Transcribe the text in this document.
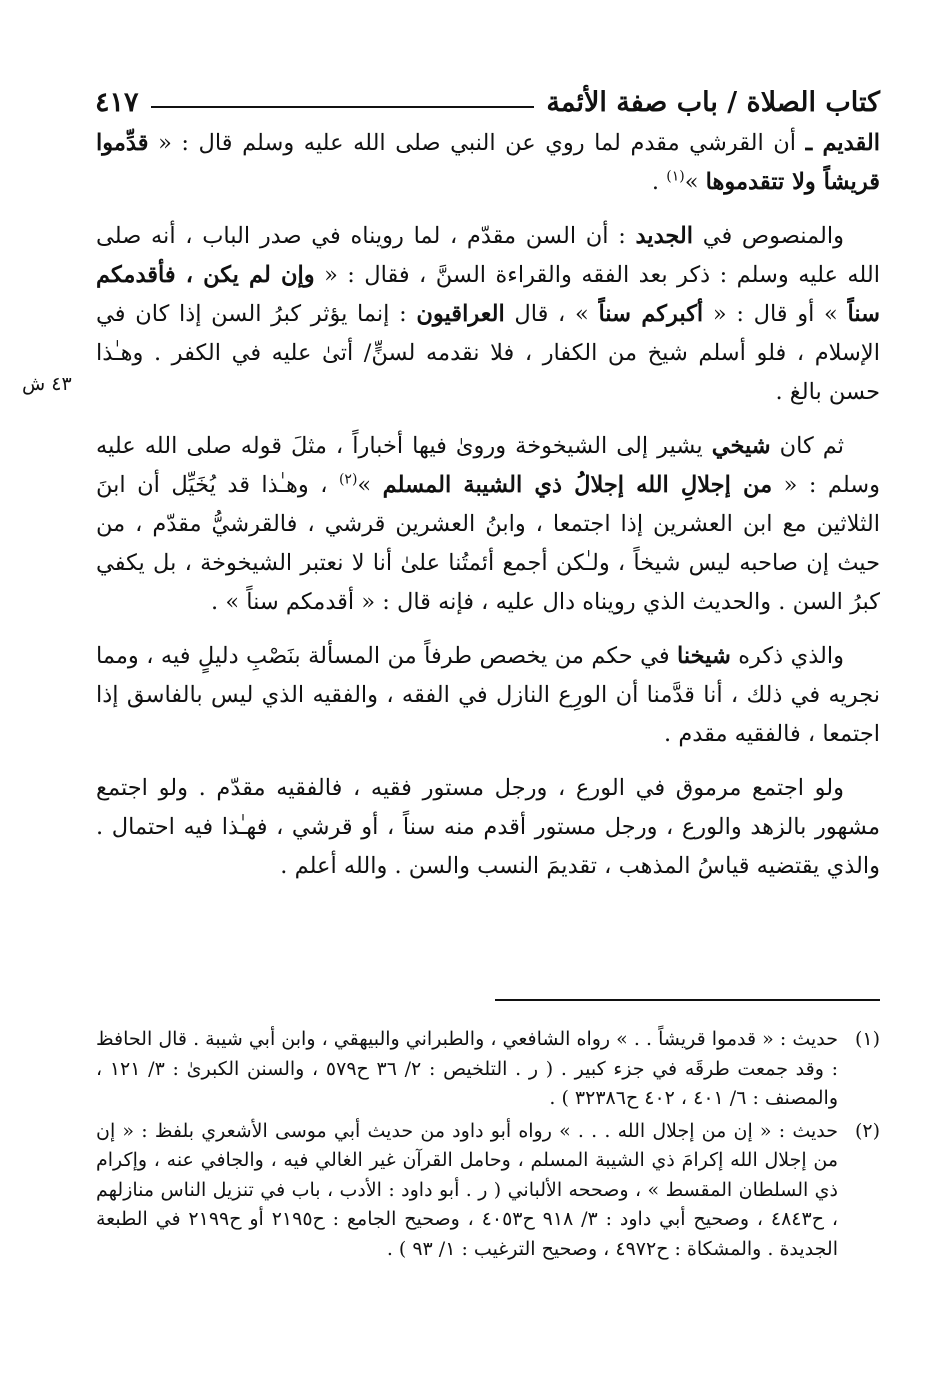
كتاب الصلاة / باب صفة الأئمة
٤١٧
٤٣ ش

القديم ـ أن القرشي مقدم لما روي عن النبي صلى الله عليه وسلم قال : « قدِّموا قريشاً ولا تتقدموها »$^{(١)}$ .

والمنصوص في الجديد : أن السن مقدّم ، لما رويناه في صدر الباب ، أنه صلى الله عليه وسلم : ذكر بعد الفقه والقراءة السنَّ ، فقال : « وإن لم يكن ، فأقدمكم سناً » أو قال : « أكبركم سناً » ، قال العراقيون : إنما يؤثر كبرُ السن إذا كان في الإسلام ، فلو أسلم شيخ من الكفار ، فلا نقدمه لسنٍّ/ أتىٰ عليه في الكفر . وهـٰذا حسن بالغ .

ثم كان شيخي يشير إلى الشيخوخة وروىٰ فيها أخباراً ، مثلَ قوله صلى الله عليه وسلم : « من إجلالِ الله إجلالُ ذي الشيبة المسلم »$^{(٢)}$ ، وهـٰذا قد يُخَيِّل أن ابنَ الثلاثين مع ابن العشرين إذا اجتمعا ، وابنُ العشرين قرشي ، فالقرشيُّ مقدّم ، من حيث إن صاحبه ليس شيخاً ، ولـٰكن أجمع أئمتُنا علىٰ أنا لا نعتبر الشيخوخة ، بل يكفي كبرُ السن . والحديث الذي رويناه دال عليه ، فإنه قال : « أقدمكم سناً » .

والذي ذكره شيخنا في حكم من يخصص طرفاً من المسألة بنَصْبِ دليلٍ فيه ، ومما نجريه في ذلك ، أنا قدَّمنا أن الورِع النازل في الفقه ، والفقيه الذي ليس بالفاسق إذا اجتمعا ، فالفقيه مقدم .

ولو اجتمع مرموق في الورع ، ورجل مستور فقيه ، فالفقيه مقدّم . ولو اجتمع مشهور بالزهد والورع ، ورجل مستور أقدم منه سناً ، أو قرشي ، فهـٰذا فيه احتمال . والذي يقتضيه قياسُ المذهب ، تقديمَ النسب والسن . والله أعلم .

(١)
حديث : « قدموا قريشاً . . » رواه الشافعي ، والطبراني والبيهقي ، وابن أبي شيبة . قال الحافظ : وقد جمعت طرقَه في جزء كبير . ( ر . التلخيص : ٢/ ٣٦ ح٥٧٩ ، والسنن الكبرىٰ : ٣/ ١٢١ ، والمصنف : ٦/ ٤٠١ ، ٤٠٢ ح٣٢٣٨٦ ) .
(٢)
حديث : « إن من إجلال الله . . . » رواه أبو داود من حديث أبي موسى الأشعري بلفظ : « إن من إجلال الله إكرامَ ذي الشيبة المسلم ، وحامل القرآن غير الغالي فيه ، والجافي عنه ، وإكرام ذي السلطان المقسط » ، وصححه الألباني ( ر . أبو داود : الأدب ، باب في تنزيل الناس منازلهم ، ح٤٨٤٣ ، وصحيح أبي داود : ٣/ ٩١٨ ح٤٠٥٣ ، وصحيح الجامع : ح٢١٩٥ أو ح٢١٩٩ في الطبعة الجديدة . والمشكاة : ح٤٩٧٢ ، وصحيح الترغيب : ١/ ٩٣ ) .
